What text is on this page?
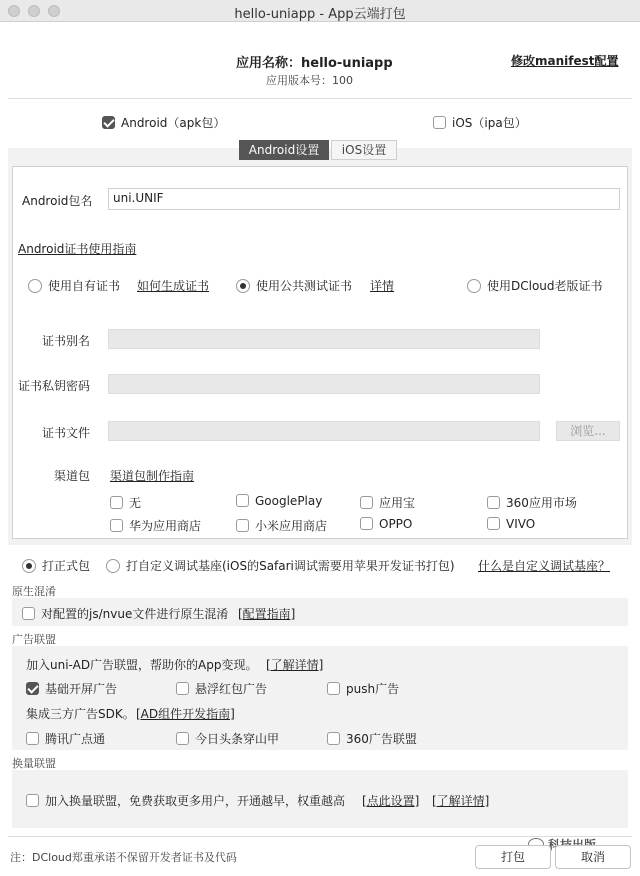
hello-uniapp - App云端打包
应用名称：hello-uniapp
应用版本号：100
修改manifest配置
Android（apk包）	iOS（ipa包）
Android设置	iOS设置
Android包名	uni.UNIF
Android证书使用指南
使用自有证书 如何生成证书	使用公共测试证书 详情	使用DCloud老版证书
证书别名
证书私钥密码
证书文件	浏览...
渠道包 渠道包制作指南
无	GooglePlay	应用宝	360应用市场
华为应用商店	小米应用商店	OPPO	VIVO
打正式包	打自定义调试基座(iOS的Safari调试需要用苹果开发证书打包) 什么是自定义调试基座？
原生混淆
对配置的js/nvue文件进行原生混淆 [配置指南]
广告联盟
加入uni-AD广告联盟，帮助你的App变现。 [了解详情]
基础开屏广告	悬浮红包广告	push广告
集成三方广告SDK。 [AD组件开发指南]
腾讯广点通	今日头条穿山甲	360广告联盟
换量联盟
加入换量联盟，免费获取更多用户，开通越早，权重越高 [点此设置] [了解详情]
注：DCloud郑重承诺不保留开发者证书及代码	打包	取消
